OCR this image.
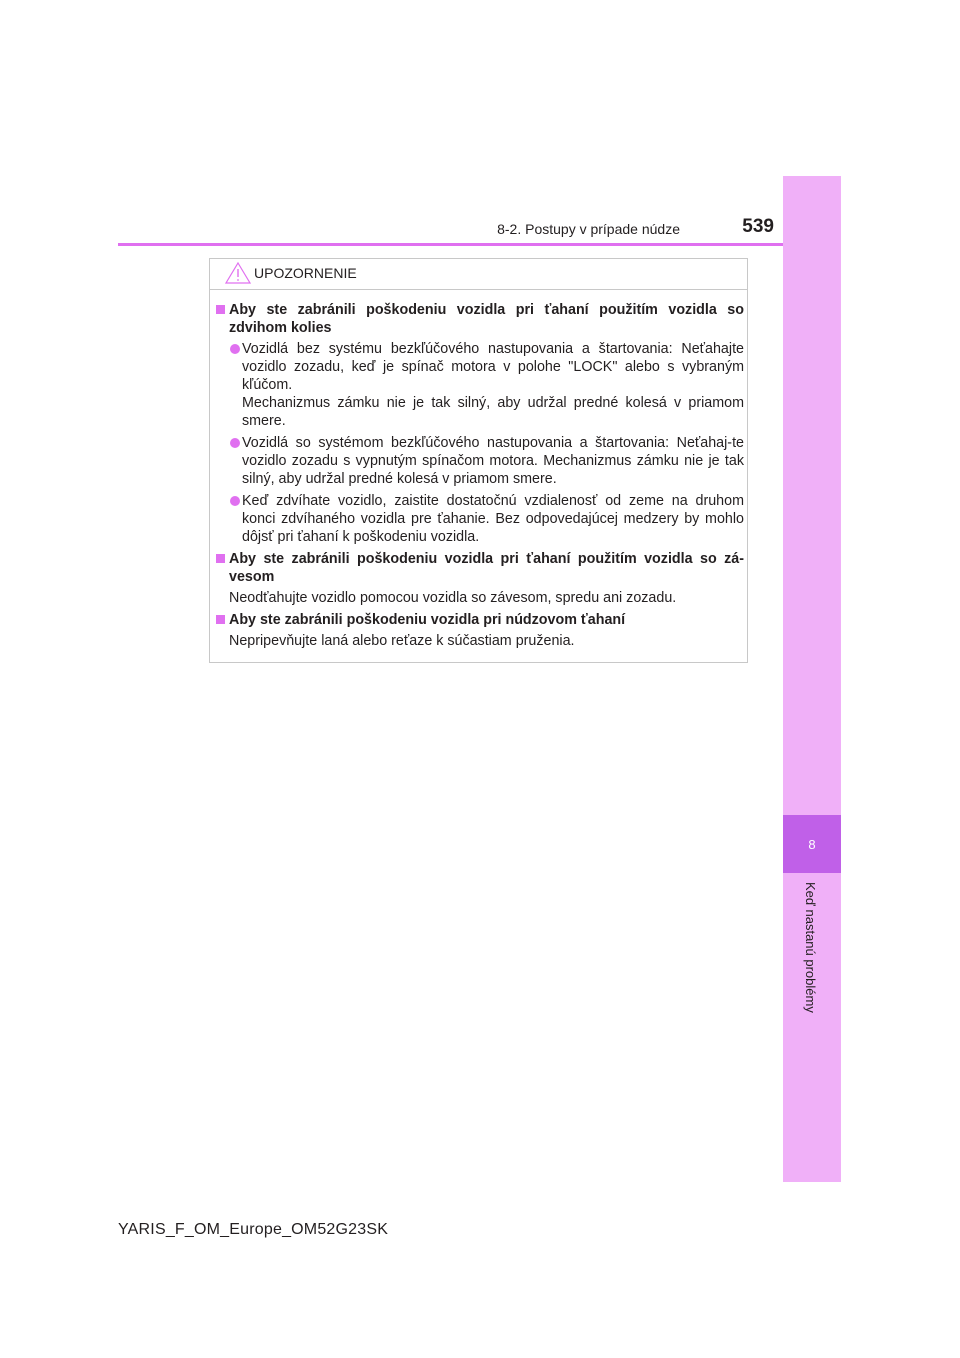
8-2. Postupy v prípade núdze	539
8
Keď nastanú problémy
UPOZORNENIE
Aby ste zabránili poškodeniu vozidla pri ťahaní použitím vozidla so zdvihom kolies
Vozidlá bez systému bezkľúčového nastupovania a štartovania: Neťahajte vozidlo zozadu, keď je spínač motora v polohe "LOCK" alebo s vybraným kľúčom.
Mechanizmus zámku nie je tak silný, aby udržal predné kolesá v priamom smere.
Vozidlá so systémom bezkľúčového nastupovania a štartovania: Neťahaj-te vozidlo zozadu s vypnutým spínačom motora. Mechanizmus zámku nie je tak silný, aby udržal predné kolesá v priamom smere.
Keď zdvíhate vozidlo, zaistite dostatočnú vzdialenosť od zeme na druhom konci zdvíhaného vozidla pre ťahanie. Bez odpovedajúcej medzery by mohlo dôjsť pri ťahaní k poškodeniu vozidla.
Aby ste zabránili poškodeniu vozidla pri ťahaní použitím vozidla so zá-vesom
Neodťahujte vozidlo pomocou vozidla so závesom, spredu ani zozadu.
Aby ste zabránili poškodeniu vozidla pri núdzovom ťahaní
Nepripevňujte laná alebo reťaze k súčastiam pruženia.
YARIS_F_OM_Europe_OM52G23SK
